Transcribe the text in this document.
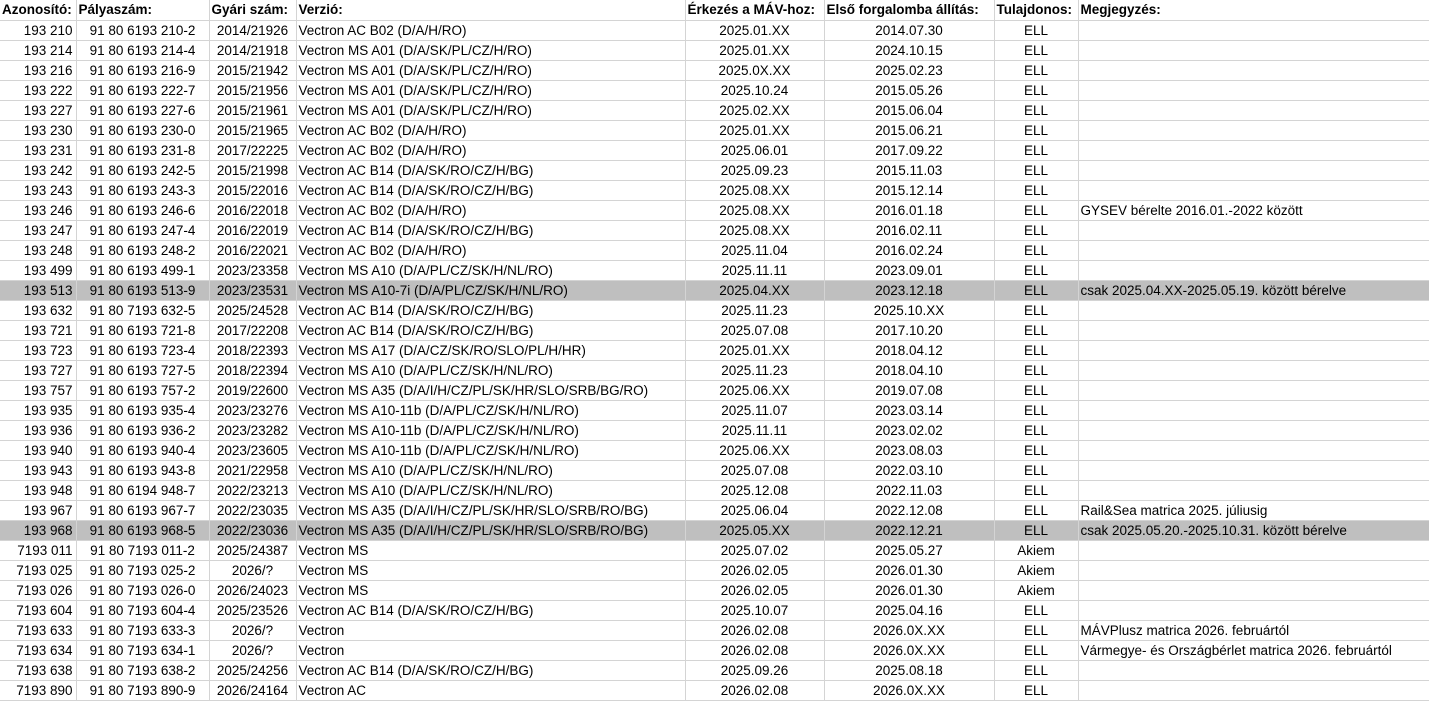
Azonosító:	Pályaszám:	Gyári szám:	Verzió:	Érkezés a MÁV-hoz:	Első forgalomba állítás:	Tulajdonos:	Megjegyzés:
193 210	91 80 6193 210-2	2014/21926	Vectron AC B02 (D/A/H/RO)	2025.01.XX	2014.07.30	ELL	
193 214	91 80 6193 214-4	2014/21918	Vectron MS A01 (D/A/SK/PL/CZ/H/RO)	2025.01.XX	2024.10.15	ELL	
193 216	91 80 6193 216-9	2015/21942	Vectron MS A01 (D/A/SK/PL/CZ/H/RO)	2025.0X.XX	2025.02.23	ELL	
193 222	91 80 6193 222-7	2015/21956	Vectron MS A01 (D/A/SK/PL/CZ/H/RO)	2025.10.24	2015.05.26	ELL	
193 227	91 80 6193 227-6	2015/21961	Vectron MS A01 (D/A/SK/PL/CZ/H/RO)	2025.02.XX	2015.06.04	ELL	
193 230	91 80 6193 230-0	2015/21965	Vectron AC B02 (D/A/H/RO)	2025.01.XX	2015.06.21	ELL	
193 231	91 80 6193 231-8	2017/22225	Vectron AC B02 (D/A/H/RO)	2025.06.01	2017.09.22	ELL	
193 242	91 80 6193 242-5	2015/21998	Vectron AC B14 (D/A/SK/RO/CZ/H/BG)	2025.09.23	2015.11.03	ELL	
193 243	91 80 6193 243-3	2015/22016	Vectron AC B14 (D/A/SK/RO/CZ/H/BG)	2025.08.XX	2015.12.14	ELL	
193 246	91 80 6193 246-6	2016/22018	Vectron AC B02 (D/A/H/RO)	2025.08.XX	2016.01.18	ELL	GYSEV bérelte 2016.01.-2022 között
193 247	91 80 6193 247-4	2016/22019	Vectron AC B14 (D/A/SK/RO/CZ/H/BG)	2025.08.XX	2016.02.11	ELL	
193 248	91 80 6193 248-2	2016/22021	Vectron AC B02 (D/A/H/RO)	2025.11.04	2016.02.24	ELL	
193 499	91 80 6193 499-1	2023/23358	Vectron MS A10 (D/A/PL/CZ/SK/H/NL/RO)	2025.11.11	2023.09.01	ELL	
193 513	91 80 6193 513-9	2023/23531	Vectron MS A10-7i (D/A/PL/CZ/SK/H/NL/RO)	2025.04.XX	2023.12.18	ELL	csak 2025.04.XX-2025.05.19. között bérelve
193 632	91 80 7193 632-5	2025/24528	Vectron AC B14 (D/A/SK/RO/CZ/H/BG)	2025.11.23	2025.10.XX	ELL	
193 721	91 80 6193 721-8	2017/22208	Vectron AC B14 (D/A/SK/RO/CZ/H/BG)	2025.07.08	2017.10.20	ELL	
193 723	91 80 6193 723-4	2018/22393	Vectron MS A17 (D/A/CZ/SK/RO/SLO/PL/H/HR)	2025.01.XX	2018.04.12	ELL	
193 727	91 80 6193 727-5	2018/22394	Vectron MS A10 (D/A/PL/CZ/SK/H/NL/RO)	2025.11.23	2018.04.10	ELL	
193 757	91 80 6193 757-2	2019/22600	Vectron MS A35 (D/A/I/H/CZ/PL/SK/HR/SLO/SRB/BG/RO)	2025.06.XX	2019.07.08	ELL	
193 935	91 80 6193 935-4	2023/23276	Vectron MS A10-11b (D/A/PL/CZ/SK/H/NL/RO)	2025.11.07	2023.03.14	ELL	
193 936	91 80 6193 936-2	2023/23282	Vectron MS A10-11b (D/A/PL/CZ/SK/H/NL/RO)	2025.11.11	2023.02.02	ELL	
193 940	91 80 6193 940-4	2023/23605	Vectron MS A10-11b (D/A/PL/CZ/SK/H/NL/RO)	2025.06.XX	2023.08.03	ELL	
193 943	91 80 6193 943-8	2021/22958	Vectron MS A10 (D/A/PL/CZ/SK/H/NL/RO)	2025.07.08	2022.03.10	ELL	
193 948	91 80 6194 948-7	2022/23213	Vectron MS A10 (D/A/PL/CZ/SK/H/NL/RO)	2025.12.08	2022.11.03	ELL	
193 967	91 80 6193 967-7	2022/23035	Vectron MS A35 (D/A/I/H/CZ/PL/SK/HR/SLO/SRB/RO/BG)	2025.06.04	2022.12.08	ELL	Rail&Sea matrica 2025. júliusig
193 968	91 80 6193 968-5	2022/23036	Vectron MS A35 (D/A/I/H/CZ/PL/SK/HR/SLO/SRB/RO/BG)	2025.05.XX	2022.12.21	ELL	csak 2025.05.20.-2025.10.31. között bérelve
7193 011	91 80 7193 011-2	2025/24387	Vectron MS	2025.07.02	2025.05.27	Akiem	
7193 025	91 80 7193 025-2	2026/?	Vectron MS	2026.02.05	2026.01.30	Akiem	
7193 026	91 80 7193 026-0	2026/24023	Vectron MS	2026.02.05	2026.01.30	Akiem	
7193 604	91 80 7193 604-4	2025/23526	Vectron AC B14 (D/A/SK/RO/CZ/H/BG)	2025.10.07	2025.04.16	ELL	
7193 633	91 80 7193 633-3	2026/?	Vectron	2026.02.08	2026.0X.XX	ELL	MÁVPlusz matrica 2026. februártól
7193 634	91 80 7193 634-1	2026/?	Vectron	2026.02.08	2026.0X.XX	ELL	Vármegye- és Országbérlet matrica 2026. februártól
7193 638	91 80 7193 638-2	2025/24256	Vectron AC B14 (D/A/SK/RO/CZ/H/BG)	2025.09.26	2025.08.18	ELL	
7193 890	91 80 7193 890-9	2026/24164	Vectron AC	2026.02.08	2026.0X.XX	ELL	
